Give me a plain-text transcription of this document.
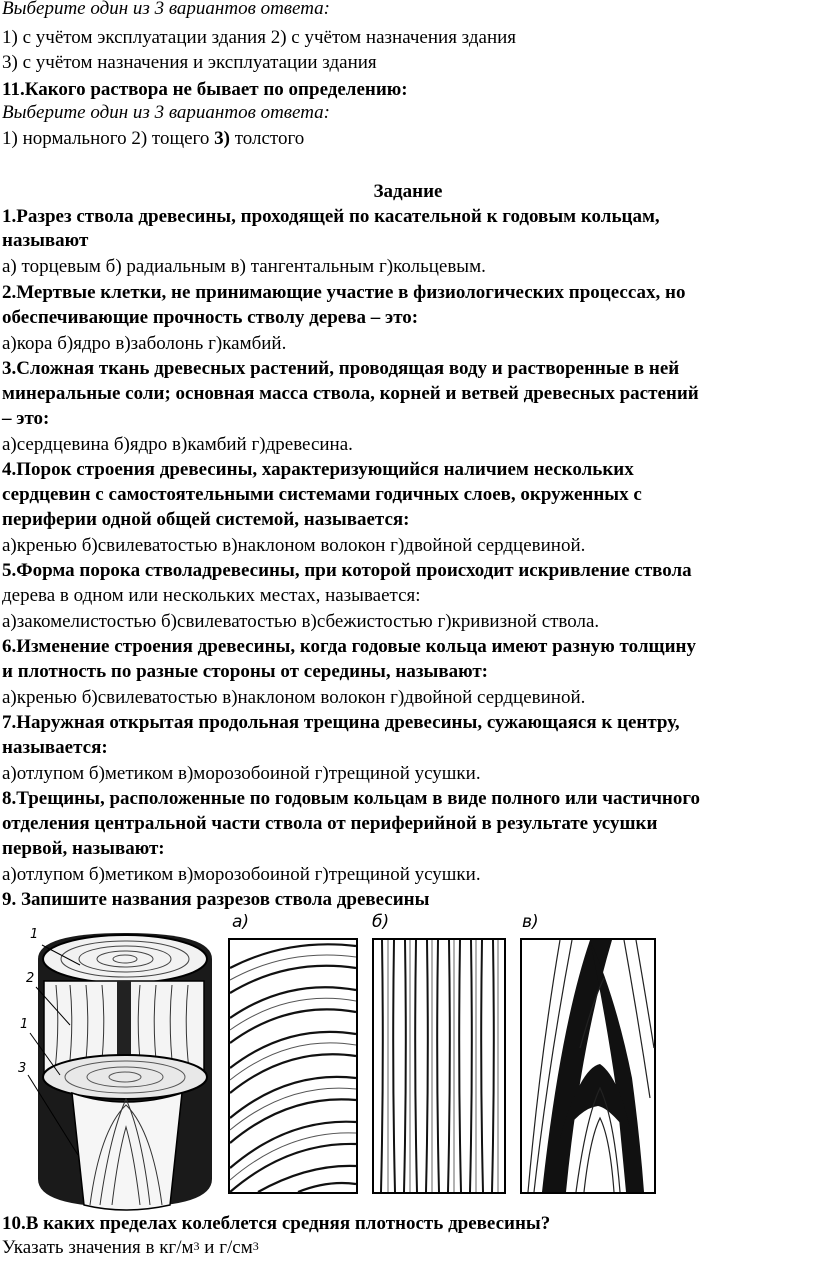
Выберите один из 3 вариантов ответа:
1) с учётом эксплуатации здания 2) с учётом назначения здания
3) с учётом назначения и эксплуатации здания
11.Какого раствора не бывает по определению:
Выберите один из 3 вариантов ответа:
1) нормального 2) тощего 3) толстого
Задание
1.Разрез ствола древесины, проходящей по касательной к годовым кольцам,
называют
а) торцевым б) радиальным в) тангентальным г)кольцевым.
2.Мертвые клетки, не принимающие участие в физиологических процессах, но
обеспечивающие прочность стволу дерева – это:
а)кора б)ядро в)заболонь г)камбий.
3.Сложная ткань древесных растений, проводящая воду и растворенные в ней
минеральные соли; основная масса ствола, корней и ветвей древесных растений
– это:
а)сердцевина б)ядро в)камбий г)древесина.
4.Порок строения древесины, характеризующийся наличием нескольких
сердцевин с самостоятельными системами годичных слоев, окруженных с
периферии одной общей системой, называется:
а)кренью б)свилеватостью в)наклоном волокон г)двойной сердцевиной.
5.Форма порока стволадревесины, при которой происходит искривление ствола
дерева в одном или нескольких местах, называется:
а)закомелистостью б)свилеватостью в)сбежистостью г)кривизной ствола.
6.Изменение строения древесины, когда годовые кольца имеют разную толщину
и плотность по разные стороны от середины, называют:
а)кренью б)свилеватостью в)наклоном волокон г)двойной сердцевиной.
7.Наружная открытая продольная трещина древесины, сужающаяся к центру,
называется:
а)отлупом б)метиком в)морозобоиной г)трещиной усушки.
8.Трещины, расположенные по годовым кольцам в виде полного или частичного
отделения центральной части ствола от периферийной в результате усушки
первой, называют:
а)отлупом б)метиком в)морозобоиной г)трещиной усушки.
9. Запишите названия разрезов ствола древесины
1
2
1
3
а)	б)	в)
10.В каких пределах колеблется средняя плотность древесины?
Указать значения в $кг/м^3$ и $г/см^3$
